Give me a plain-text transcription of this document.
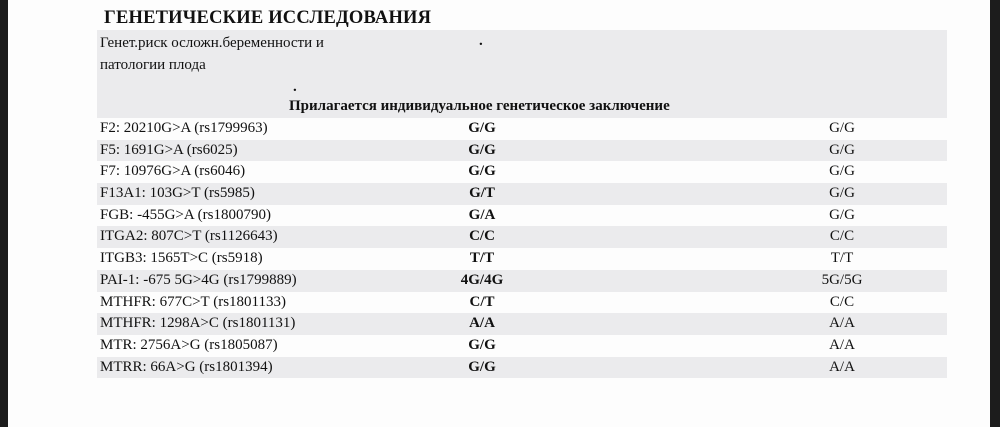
ГЕНЕТИЧЕСКИЕ ИССЛЕДОВАНИЯ
Генет.риск осложн.беременности и
патологии плода
.
.
Прилагается индивидуальное генетическое заключение
F2: 20210G>A (rs1799963)	G/G	G/G
F5: 1691G>A (rs6025)	G/G	G/G
F7: 10976G>A (rs6046)	G/G	G/G
F13A1: 103G>T (rs5985)	G/T	G/G
FGB: -455G>A (rs1800790)	G/A	G/G
ITGA2: 807C>T (rs1126643)	C/C	C/C
ITGB3: 1565T>C (rs5918)	T/T	T/T
PAI-1: -675 5G>4G (rs1799889)	4G/4G	5G/5G
MTHFR: 677C>T (rs1801133)	C/T	C/C
MTHFR: 1298A>C (rs1801131)	A/A	A/A
MTR: 2756A>G (rs1805087)	G/G	A/A
MTRR: 66A>G (rs1801394)	G/G	A/A
